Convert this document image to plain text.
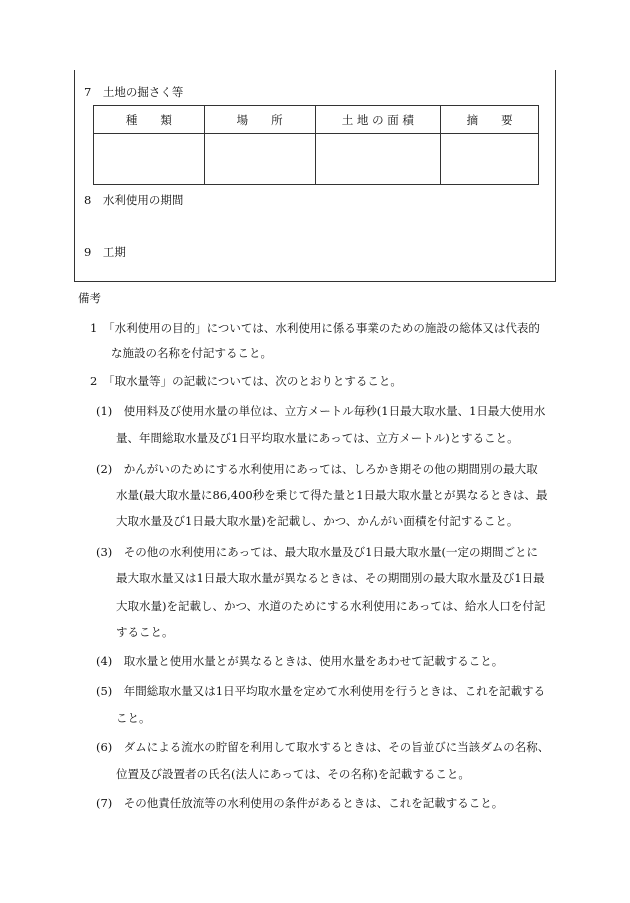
7　 土地の掘さく等
種　　類	場　　所	土 地 の 面 積	摘　　要

8　 水利使用の期間
9　 工期
備考
1　「水利使用の目的」については、水利使用に係る事業のための施設の総体又は代表的
な施設の名称を付記すること。
2　「取水量等」の記載については、次のとおりとすること。
(1)　使用料及び使用水量の単位は、立方メートル毎秒(1日最大取水量、1日最大使用水
量、年間総取水量及び1日平均取水量にあっては、立方メートル)とすること。
(2)　かんがいのためにする水利使用にあっては、しろかき期その他の期間別の最大取
水量(最大取水量に86,400秒を乗じて得た量と1日最大取水量とが異なるときは、最
大取水量及び1日最大取水量)を記載し、かつ、かんがい面積を付記すること。
(3)　その他の水利使用にあっては、最大取水量及び1日最大取水量(一定の期間ごとに
最大取水量又は1日最大取水量が異なるときは、その期間別の最大取水量及び1日最
大取水量)を記載し、かつ、水道のためにする水利使用にあっては、給水人口を付記
すること。
(4)　取水量と使用水量とが異なるときは、使用水量をあわせて記載すること。
(5)　年間総取水量又は1日平均取水量を定めて水利使用を行うときは、これを記載する
こと。
(6)　ダムによる流水の貯留を利用して取水するときは、その旨並びに当該ダムの名称、
位置及び設置者の氏名(法人にあっては、その名称)を記載すること。
(7)　その他責任放流等の水利使用の条件があるときは、これを記載すること。
